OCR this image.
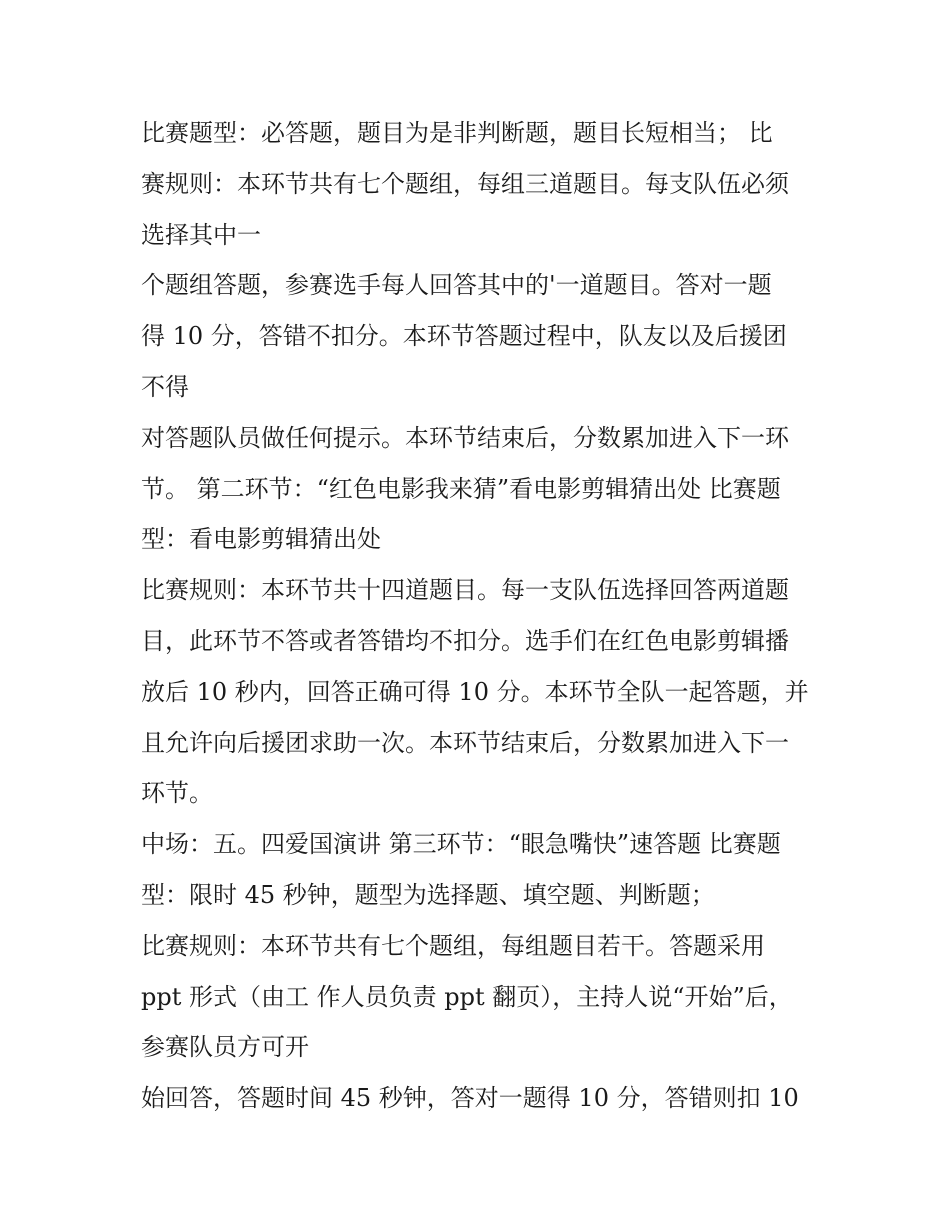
比赛题型：必答题，题目为是非判断题，题目长短相当； 比
赛规则：本环节共有七个题组，每组三道题目。每支队伍必须
选择其中一
个题组答题，参赛选手每人回答其中的'一道题目。答对一题
得 10 分，答错不扣分。本环节答题过程中，队友以及后援团
不得
对答题队员做任何提示。本环节结束后，分数累加进入下一环
节。 第二环节：“红色电影我来猜”看电影剪辑猜出处 比赛题
型：看电影剪辑猜出处
比赛规则：本环节共十四道题目。每一支队伍选择回答两道题
目，此环节不答或者答错均不扣分。选手们在红色电影剪辑播
放后 10 秒内，回答正确可得 10 分。本环节全队一起答题，并
且允许向后援团求助一次。本环节结束后，分数累加进入下一
环节。
中场：五。四爱国演讲 第三环节：“眼急嘴快”速答题 比赛题
型：限时 45 秒钟，题型为选择题、填空题、判断题；
比赛规则：本环节共有七个题组，每组题目若干。答题采用
ppt 形式（由工 作人员负责 ppt 翻页），主持人说“开始”后，
参赛队员方可开
始回答，答题时间 45 秒钟，答对一题得 10 分，答错则扣 10
